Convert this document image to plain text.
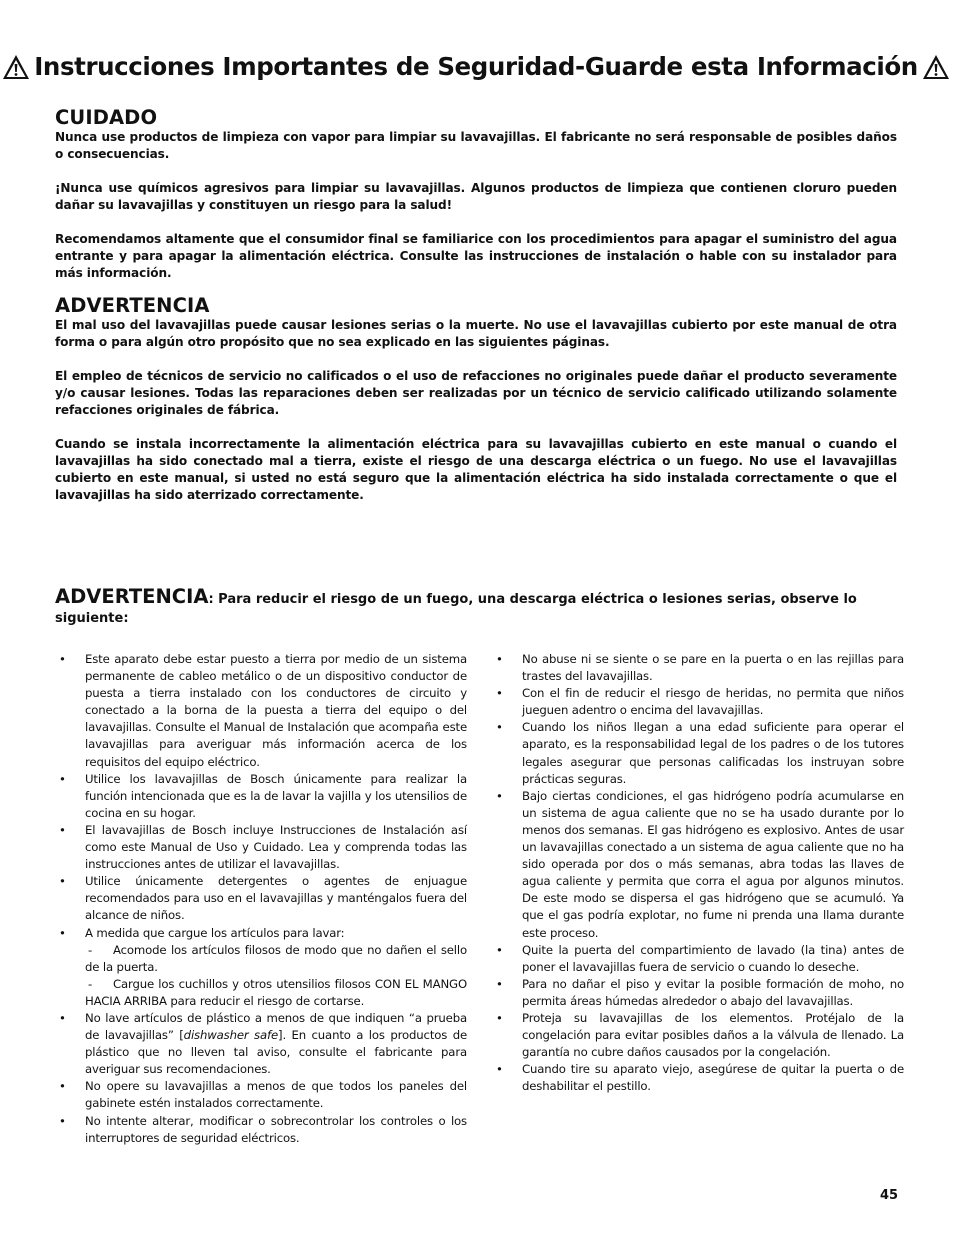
Instrucciones Importantes de Seguridad-Guarde esta Información
CUIDADO

Nunca use productos de limpieza con vapor para limpiar su lavavajillas. El fabricante no será responsable de posibles daños o consecuencias.

¡Nunca use químicos agresivos para limpiar su lavavajillas. Algunos productos de limpieza que contienen cloruro pueden dañar su lavavajillas y constituyen un riesgo para la salud!

Recomendamos altamente que el consumidor final se familiarice con los procedimientos para apagar el suministro del agua entrante y para apagar la alimentación eléctrica. Consulte las instrucciones de instalación o hable con su instalador para más información.

ADVERTENCIA

El mal uso del lavavajillas puede causar lesiones serias o la muerte. No use el lavavajillas cubierto por este manual de otra forma o para algún otro propósito que no sea explicado en las siguientes páginas.

El empleo de técnicos de servicio no calificados o el uso de refacciones no originales puede dañar el producto severamente y/o causar lesiones. Todas las reparaciones deben ser realizadas por un técnico de servicio calificado utilizando solamente refacciones originales de fábrica.

Cuando se instala incorrectamente la alimentación eléctrica para su lavavajillas cubierto en este manual o cuando el lavavajillas ha sido conectado mal a tierra, existe el riesgo de una descarga eléctrica o un fuego. No use el lavavajillas cubierto en este manual, si usted no está seguro que la alimentación eléctrica ha sido instalada correctamente o que el lavavajillas ha sido aterrizado correctamente.

ADVERTENCIA: Para reducir el riesgo de un fuego, una descarga eléctrica o lesiones serias, observe lo siguiente:
• Este aparato debe estar puesto a tierra por medio de un sistema permanente de cableo metálico o de un dispositivo conductor de puesta a tierra instalado con los conductores de circuito y conectado a la borna de la puesta a tierra del equipo o del lavavajillas. Consulte el Manual de Instalación que acompaña este lavavajillas para averiguar más información acerca de los requisitos del equipo eléctrico.
• Utilice los lavavajillas de Bosch únicamente para realizar la función intencionada que es la de lavar la vajilla y los utensilios de cocina en su hogar.
• El lavavajillas de Bosch incluye Instrucciones de Instalación así como este Manual de Uso y Cuidado. Lea y comprenda todas las instrucciones antes de utilizar el lavavajillas.
• Utilice únicamente detergentes o agentes de enjuague recomendados para uso en el lavavajillas y manténgalos fuera del alcance de niños.
• A medida que cargue los artículos para lavar:
- Acomode los artículos filosos de modo que no dañen el sello de la puerta.
- Cargue los cuchillos y otros utensilios filosos CON EL MANGO HACIA ARRIBA para reducir el riesgo de cortarse.
• No lave artículos de plástico a menos de que indiquen “a prueba de lavavajillas” [dishwasher safe]. En cuanto a los productos de plástico que no lleven tal aviso, consulte el fabricante para averiguar sus recomendaciones.
• No opere su lavavajillas a menos de que todos los paneles del gabinete estén instalados correctamente.
• No intente alterar, modificar o sobrecontrolar los controles o los interruptores de seguridad eléctricos.
• No abuse ni se siente o se pare en la puerta o en las rejillas para trastes del lavavajillas.
• Con el fin de reducir el riesgo de heridas, no permita que niños jueguen adentro o encima del lavavajillas.
• Cuando los niños llegan a una edad suficiente para operar el aparato, es la responsabilidad legal de los padres o de los tutores legales asegurar que personas calificadas los instruyan sobre prácticas seguras.
• Bajo ciertas condiciones, el gas hidrógeno podría acumularse en un sistema de agua caliente que no se ha usado durante por lo menos dos semanas. El gas hidrógeno es explosivo. Antes de usar un lavavajillas conectado a un sistema de agua caliente que no ha sido operada por dos o más semanas, abra todas las llaves de agua caliente y permita que corra el agua por algunos minutos. De este modo se dispersa el gas hidrógeno que se acumuló. Ya que el gas podría explotar, no fume ni prenda una llama durante este proceso.
• Quite la puerta del compartimiento de lavado (la tina) antes de poner el lavavajillas fuera de servicio o cuando lo deseche.
• Para no dañar el piso y evitar la posible formación de moho, no permita áreas húmedas alrededor o abajo del lavavajillas.
• Proteja su lavavajillas de los elementos. Protéjalo de la congelación para evitar posibles daños a la válvula de llenado. La garantía no cubre daños causados por la congelación.
• Cuando tire su aparato viejo, asegúrese de quitar la puerta o de deshabilitar el pestillo.
45
